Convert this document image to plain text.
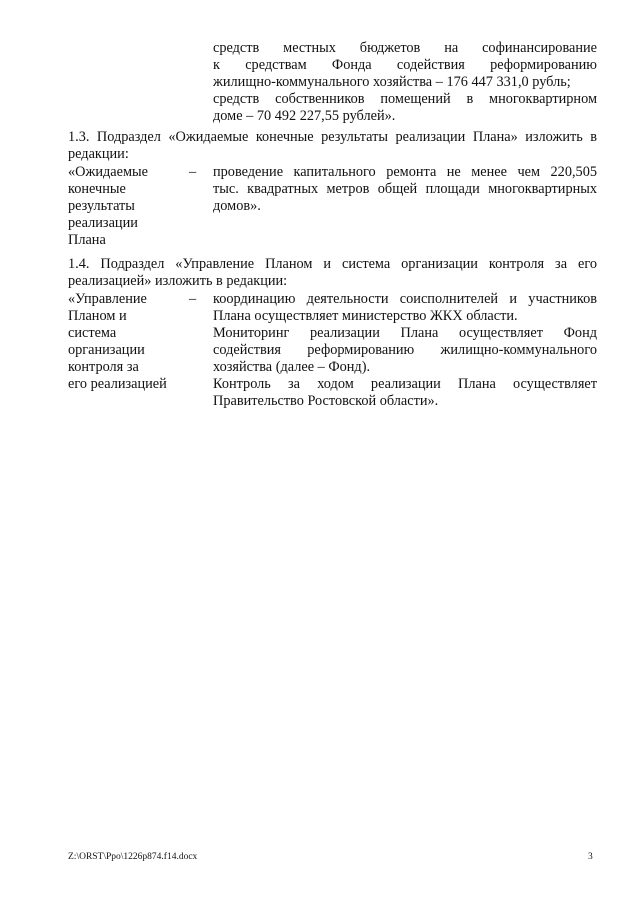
средств местных бюджетов на софинансирование
к средствам Фонда содействия реформированию
жилищно-коммунального хозяйства – 176 447 331,0 рубль;
средств собственников помещений в многоквартирном
доме – 70 492 227,55 рублей».
1.3. Подраздел «Ожидаемые конечные результаты реализации Плана» изложить в
редакции:
«Ожидаемые
конечные
результаты
реализации
Плана
– проведение капитального ремонта не менее чем 220,505
тыс. квадратных метров общей площади многоквартирных
домов».
1.4. Подраздел «Управление Планом и система организации контроля за его
реализацией» изложить в редакции:
«Управление
Планом и
система
организации
контроля за
его реализацией
– координацию деятельности соисполнителей и участников
Плана осуществляет министерство ЖКХ области.
Мониторинг реализации Плана осуществляет Фонд
содействия реформированию жилищно-коммунального
хозяйства (далее – Фонд).
Контроль за ходом реализации Плана осуществляет
Правительство Ростовской области».
Z:\ORST\Ppo\1226p874.f14.docx	3
